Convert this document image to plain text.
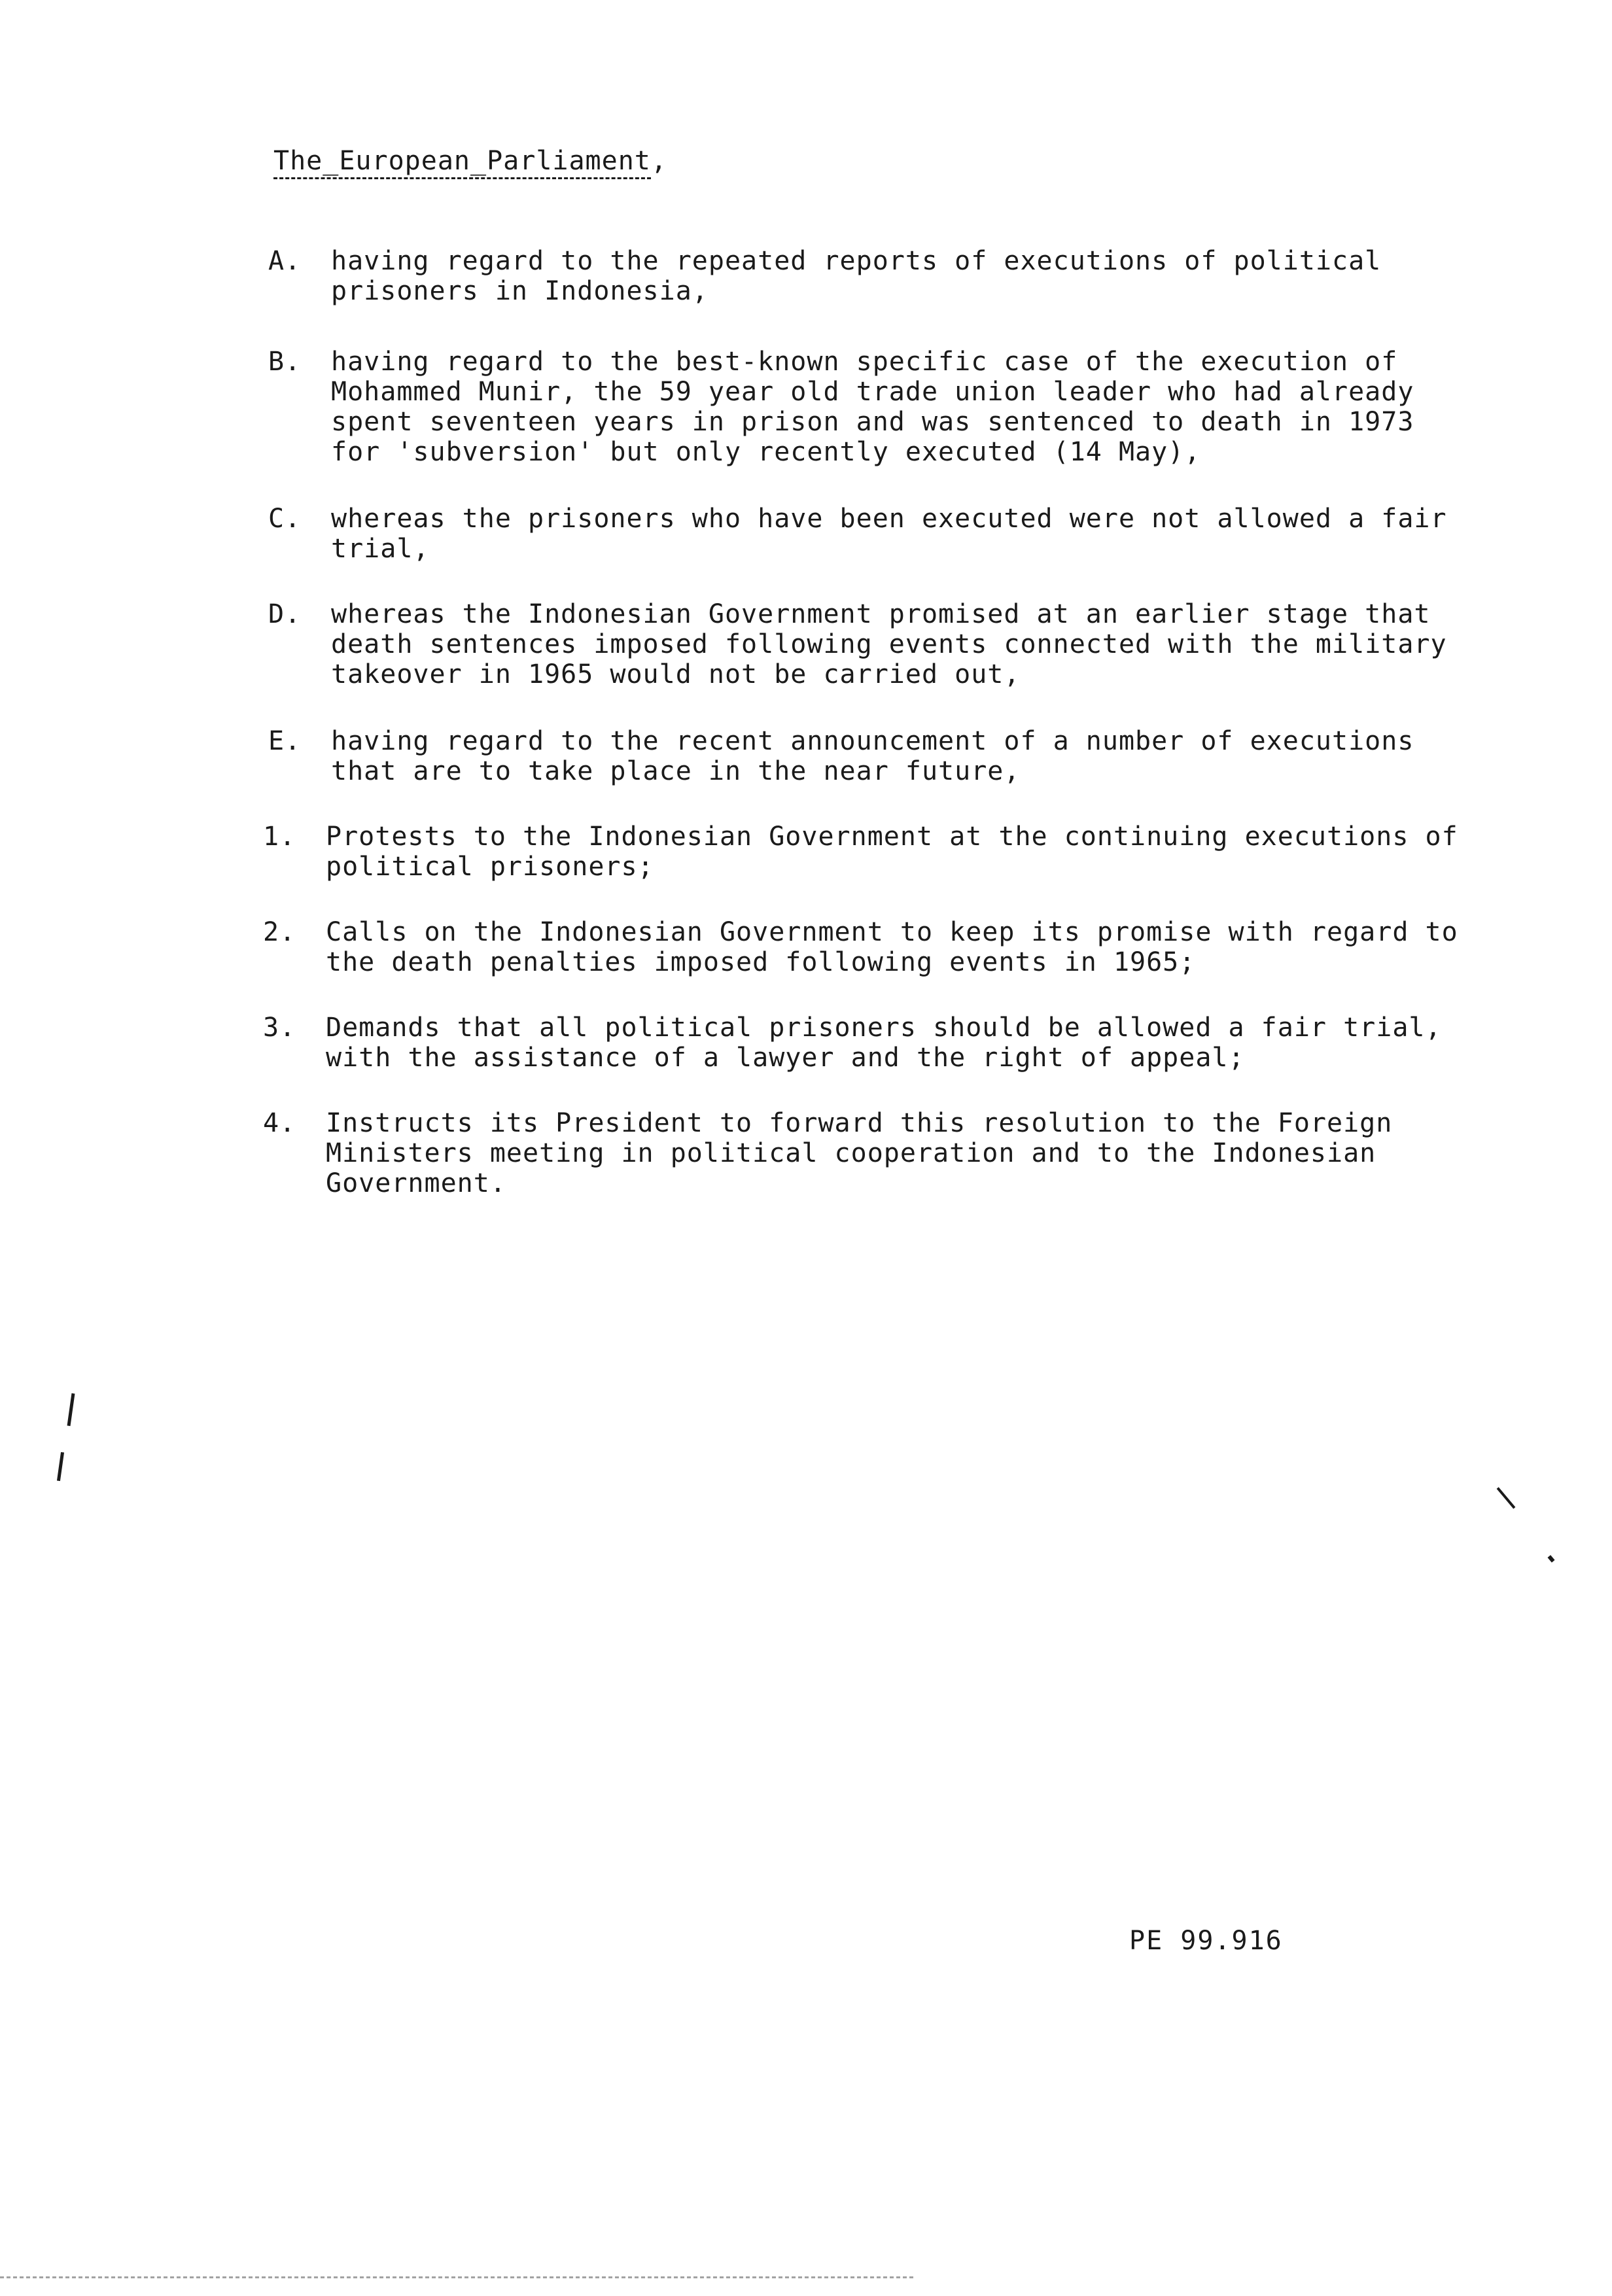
The_European_Parliament,
A. having regard to the repeated reports of executions of political
prisoners in Indonesia,
B. having regard to the best-known specific case of the execution of
Mohammed Munir, the 59 year old trade union leader who had already
spent seventeen years in prison and was sentenced to death in 1973
for 'subversion' but only recently executed (14 May),
C. whereas the prisoners who have been executed were not allowed a fair
trial,
D. whereas the Indonesian Government promised at an earlier stage that
death sentences imposed following events connected with the military
takeover in 1965 would not be carried out,
E. having regard to the recent announcement of a number of executions
that are to take place in the near future,
1. Protests to the Indonesian Government at the continuing executions of
political prisoners;
2. Calls on the Indonesian Government to keep its promise with regard to
the death penalties imposed following events in 1965;
3. Demands that all political prisoners should be allowed a fair trial,
with the assistance of a lawyer and the right of appeal;
4. Instructs its President to forward this resolution to the Foreign
Ministers meeting in political cooperation and to the Indonesian Government.
PE 99.916
